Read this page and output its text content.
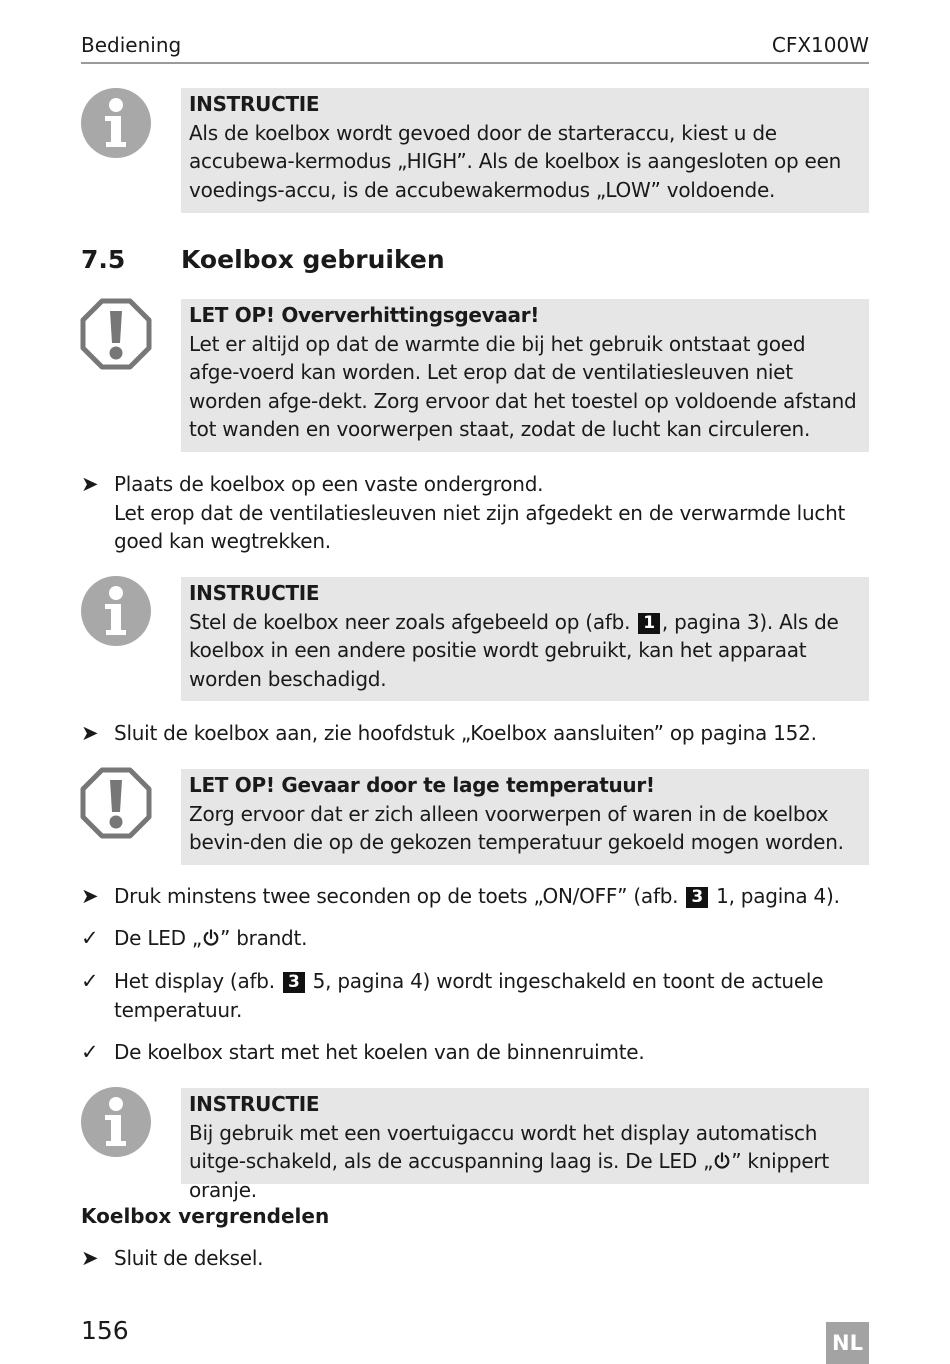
Bediening	CFX100W
INSTRUCTIE
Als de koelbox wordt gevoed door de starteraccu, kiest u de accubewa-kermodus „HIGH”. Als de koelbox is aangesloten op een voedings-accu, is de accubewakermodus „LOW” voldoende.
7.5 Koelbox gebruiken
LET OP! Oververhittingsgevaar!
Let er altijd op dat de warmte die bij het gebruik ontstaat goed afge-voerd kan worden. Let erop dat de ventilatiesleuven niet worden afge-dekt. Zorg ervoor dat het toestel op voldoende afstand tot wanden en voorwerpen staat, zodat de lucht kan circuleren.
➤ Plaats de koelbox op een vaste ondergrond.
Let erop dat de ventilatiesleuven niet zijn afgedekt en de verwarmde lucht goed kan wegtrekken.
INSTRUCTIE
Stel de koelbox neer zoals afgebeeld op (afb. 1 , pagina 3). Als de koelbox in een andere positie wordt gebruikt, kan het apparaat worden beschadigd.
➤ Sluit de koelbox aan, zie hoofdstuk „Koelbox aansluiten” op pagina 152.
LET OP! Gevaar door te lage temperatuur!
Zorg ervoor dat er zich alleen voorwerpen of waren in de koelbox bevin-den die op de gekozen temperatuur gekoeld mogen worden.
➤ Druk minstens twee seconden op de toets „ON/OFF” (afb. 3 1, pagina 4).
✓ De LED „ ” brandt.
✓ Het display (afb. 3 5, pagina 4) wordt ingeschakeld en toont de actuele temperatuur.
✓ De koelbox start met het koelen van de binnenruimte.
INSTRUCTIE
Bij gebruik met een voertuigaccu wordt het display automatisch uitge-schakeld, als de accuspanning laag is. De LED „ ” knippert oranje.
Koelbox vergrendelen
➤ Sluit de deksel.
156	NL
